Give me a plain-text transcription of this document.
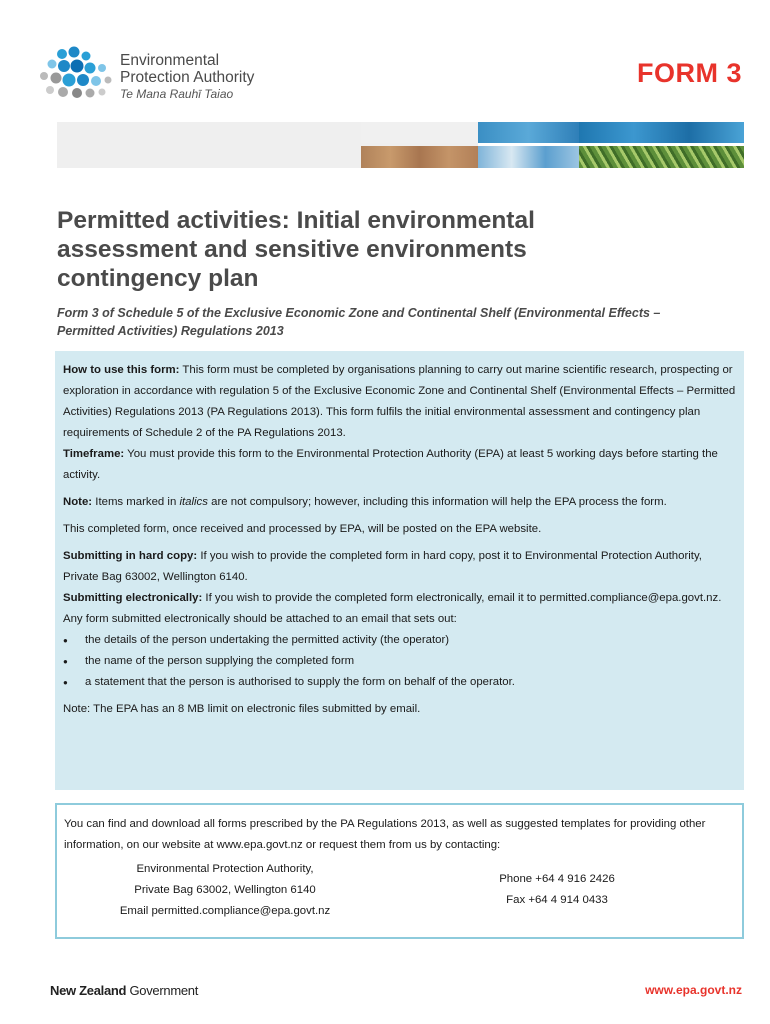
Environmental
Protection Authority
Te Mana Rauhī Taiao
FORM 3
Permitted activities: Initial environmental assessment and sensitive environments contingency plan

Form 3 of Schedule 5 of the Exclusive Economic Zone and Continental Shelf (Environmental Effects – Permitted Activities) Regulations 2013

How to use this form: This form must be completed by organisations planning to carry out marine scientific research, prospecting or exploration in accordance with regulation 5 of the Exclusive Economic Zone and Continental Shelf (Environmental Effects – Permitted Activities) Regulations 2013 (PA Regulations 2013). This form fulfils the initial environmental assessment and contingency plan requirements of Schedule 2 of the PA Regulations 2013.

Timeframe: You must provide this form to the Environmental Protection Authority (EPA) at least 5 working days before starting the activity.

Note: Items marked in italics are not compulsory; however, including this information will help the EPA process the form.

This completed form, once received and processed by EPA, will be posted on the EPA website.

Submitting in hard copy: If you wish to provide the completed form in hard copy, post it to Environmental Protection Authority, Private Bag 63002, Wellington 6140.

Submitting electronically: If you wish to provide the completed form electronically, email it to permitted.compliance@epa.govt.nz.

Any form submitted electronically should be attached to an email that sets out:

● the details of the person undertaking the permitted activity (the operator)
● the name of the person supplying the completed form
● a statement that the person is authorised to supply the form on behalf of the operator.

Note: The EPA has an 8 MB limit on electronic files submitted by email.

You can find and download all forms prescribed by the PA Regulations 2013, as well as suggested templates for providing other information, on our website at www.epa.govt.nz or request them from us by contacting:

Environmental Protection Authority,
Private Bag 63002, Wellington 6140
Email permitted.compliance@epa.govt.nz
Phone +64 4 916 2426
Fax +64 4 914 0433
New Zealand Government	www.epa.govt.nz
